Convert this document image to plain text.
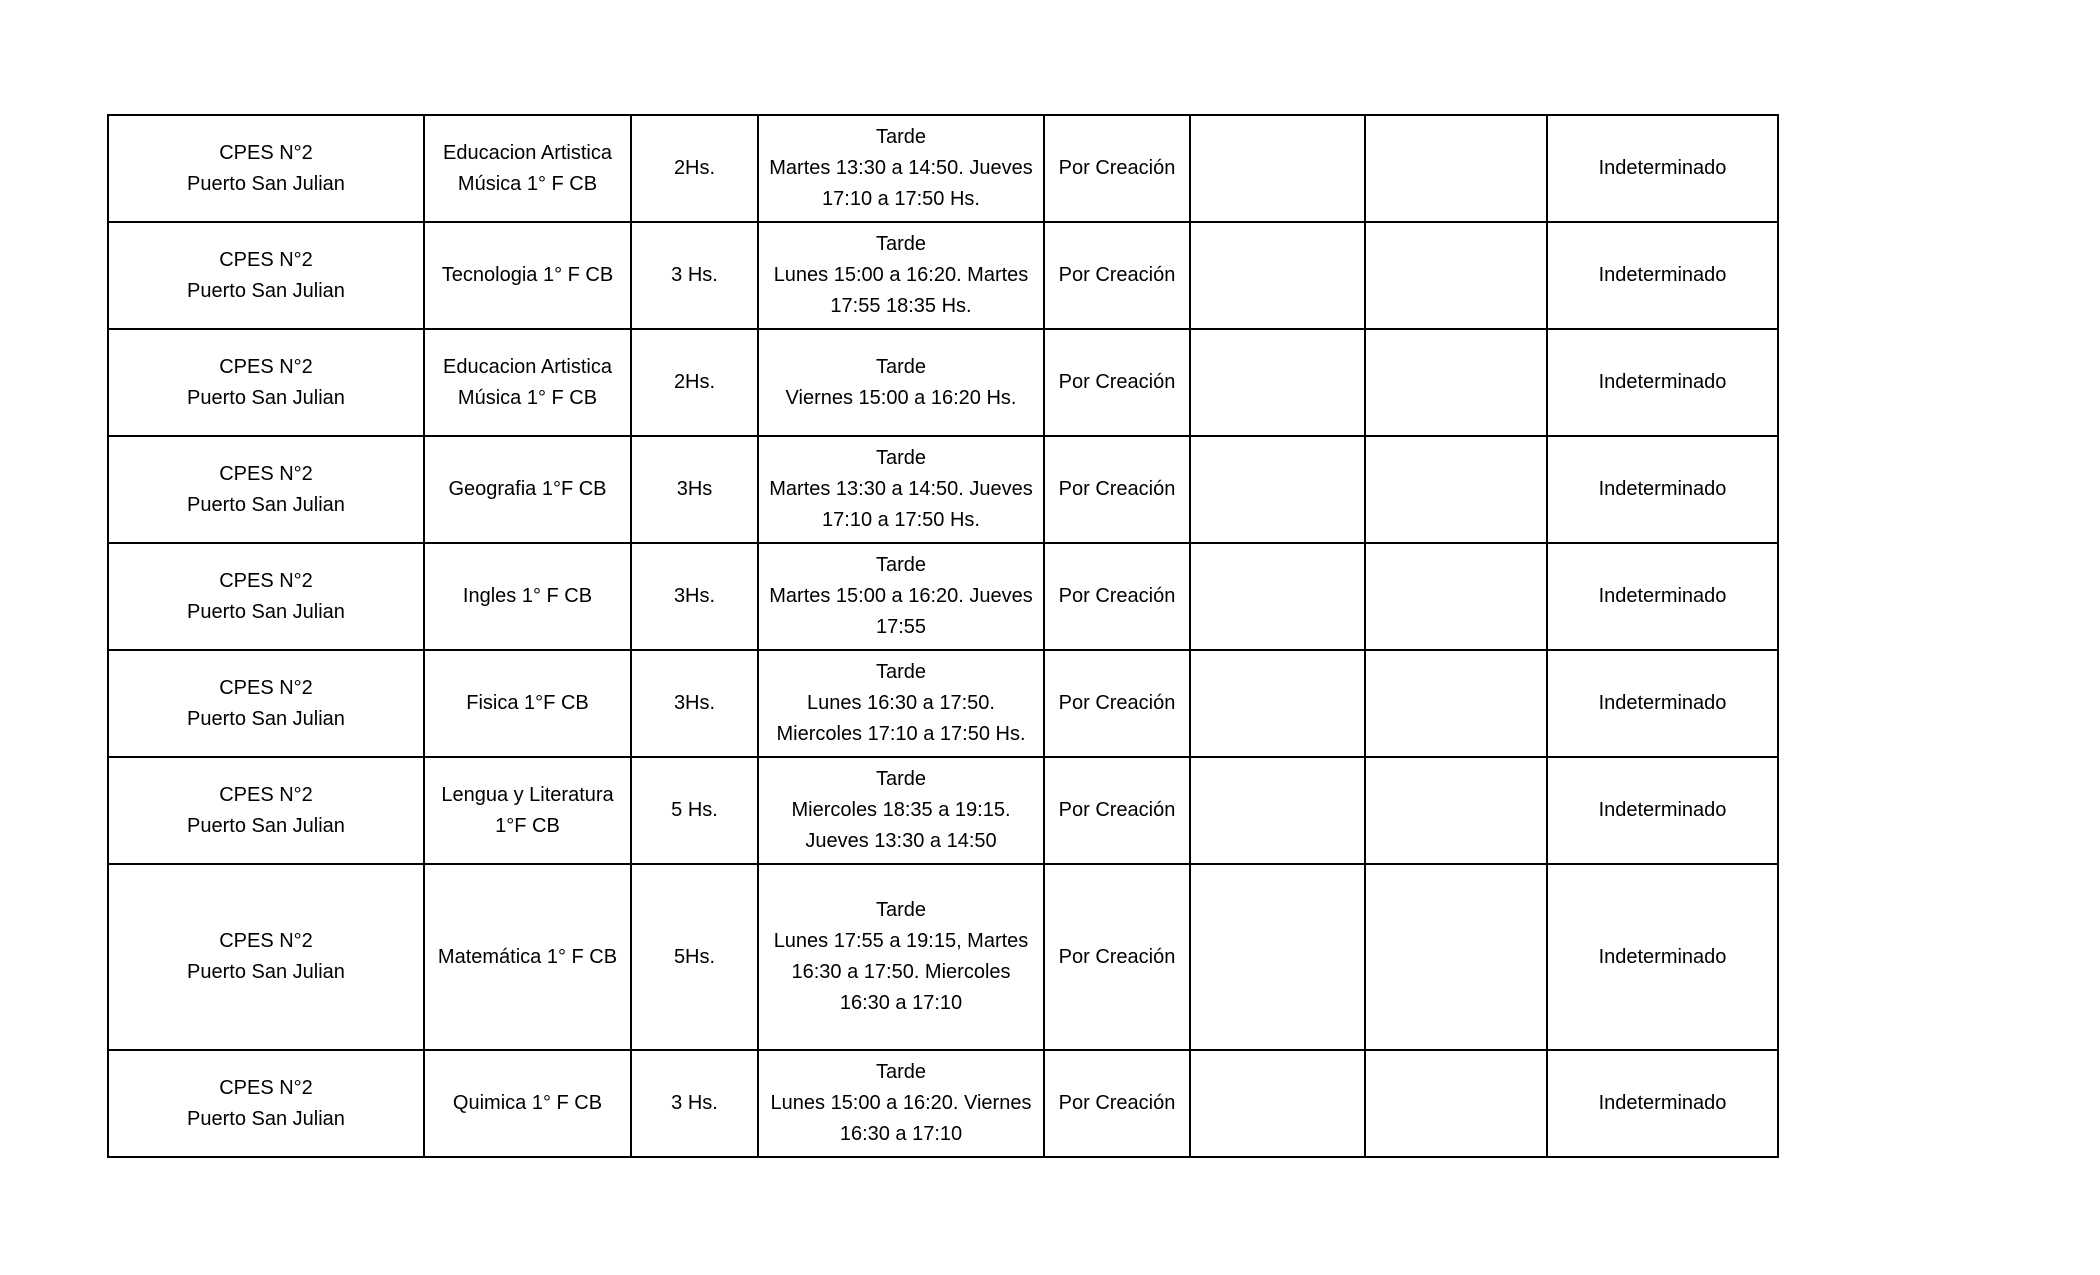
CPES N°2
Puerto San Julian	Educacion Artistica
Música 1° F CB	2Hs.	Tarde
Martes 13:30 a 14:50. Jueves
17:10 a 17:50 Hs.	Por Creación			Indeterminado

CPES N°2
Puerto San Julian	Tecnologia 1° F CB	3 Hs.	Tarde
Lunes 15:00 a 16:20. Martes
17:55 18:35 Hs.	Por Creación			Indeterminado

CPES N°2
Puerto San Julian	Educacion Artistica
Música 1° F CB	2Hs.	Tarde
Viernes 15:00 a 16:20 Hs.	Por Creación			Indeterminado

CPES N°2
Puerto San Julian	Geografia 1°F CB	3Hs	Tarde
Martes 13:30 a 14:50. Jueves
17:10 a 17:50 Hs.	Por Creación			Indeterminado

CPES N°2
Puerto San Julian	Ingles 1° F CB	3Hs.	Tarde
Martes 15:00 a 16:20. Jueves
17:55	Por Creación			Indeterminado

CPES N°2
Puerto San Julian	Fisica 1°F CB	3Hs.	Tarde
Lunes 16:30 a 17:50.
Miercoles 17:10 a 17:50 Hs.	Por Creación			Indeterminado

CPES N°2
Puerto San Julian	Lengua y Literatura
1°F CB	5 Hs.	Tarde
Miercoles 18:35 a 19:15.
Jueves 13:30 a 14:50	Por Creación			Indeterminado

CPES N°2
Puerto San Julian	Matemática 1° F CB	5Hs.	Tarde
Lunes 17:55 a 19:15, Martes
16:30 a 17:50. Miercoles
16:30 a 17:10	Por Creación			Indeterminado

CPES N°2
Puerto San Julian	Quimica 1° F CB	3 Hs.	Tarde
Lunes 15:00 a 16:20. Viernes
16:30 a 17:10	Por Creación			Indeterminado
